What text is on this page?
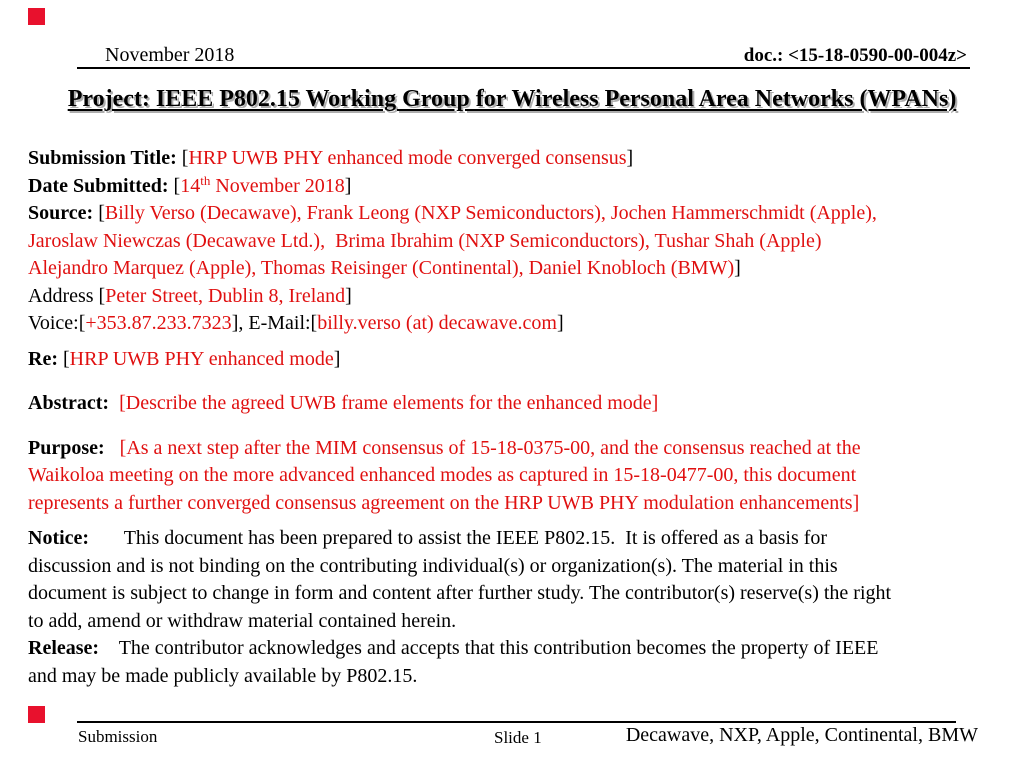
November 2018	doc.: <15-18-0590-00-004z>
Project: IEEE P802.15 Working Group for Wireless Personal Area Networks (WPANs)
Submission Title: [HRP UWB PHY enhanced mode converged consensus]
Date Submitted: [14th November 2018]
Source: [Billy Verso (Decawave), Frank Leong (NXP Semiconductors), Jochen Hammerschmidt (Apple),
Jaroslaw Niewczas (Decawave Ltd.),  Brima Ibrahim (NXP Semiconductors), Tushar Shah (Apple)
Alejandro Marquez (Apple), Thomas Reisinger (Continental), Daniel Knobloch (BMW)]
Address [Peter Street, Dublin 8, Ireland]
Voice:[+353.87.233.7323], E-Mail:[billy.verso (at) decawave.com]
Re: [HRP UWB PHY enhanced mode]
Abstract: [Describe the agreed UWB frame elements for the enhanced mode]
Purpose: [As a next step after the MIM consensus of 15-18-0375-00, and the consensus reached at the
Waikoloa meeting on the more advanced enhanced modes as captured in 15-18-0477-00, this document
represents a further converged consensus agreement on the HRP UWB PHY modulation enhancements]
Notice:       This document has been prepared to assist the IEEE P802.15.  It is offered as a basis for
discussion and is not binding on the contributing individual(s) or organization(s). The material in this
document is subject to change in form and content after further study. The contributor(s) reserve(s) the right
to add, amend or withdraw material contained herein.
Release:    The contributor acknowledges and accepts that this contribution becomes the property of IEEE
and may be made publicly available by P802.15.
Submission	Slide 1	Decawave, NXP, Apple, Continental, BMW
